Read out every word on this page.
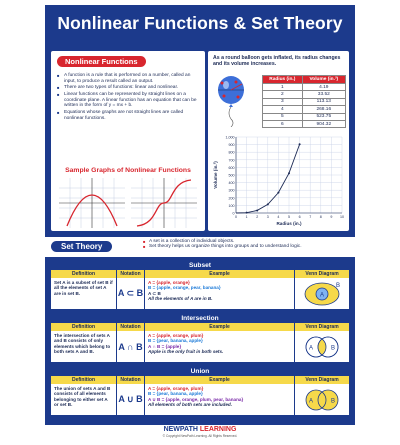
Nonlinear Functions & Set Theory
Nonlinear Functions
■ A function is a rule that is performed on a number, called an input, to produce a result called an output.
■ There are two types of functions: linear and nonlinear.
■ Linear functions can be represented by straight lines on a coordinate plane. A linear function has an equation that can be written in the form of y = mx + b.
■ Equations whose graphs are not straight lines are called nonlinear functions.
Sample Graphs of Nonlinear Functions
As a round balloon gets inflated, its radius changes and its volume increases.
Radius (in.)	Volume (in.³)
1	4.19
2	33.52
3	113.13
4	268.16
5	523.75
6	904.32
0
100
200
300
400
500
600
700
800
900
1,000
0 1 2 3 4 5 6 7 8 9 10
Radius (in.)
Volume (in.³)
Set Theory
■ A set is a collection of individual objects.
■ Set theory helps us organize things into groups and to understand logic.
Subset
Definition	Notation	Example	Venn Diagram
Set A is a subset of set B if all the elements of set A are in set B.	A ⊂ B
A = {apple, orange}
B = {apple, orange, pear, banana}
A ⊂ B
All the elements of A are in B.
A
B
Intersection
Definition	Notation	Example	Venn Diagram
The intersection of sets A and B consists of only elements which belong to both sets A and B.	A ∩ B
A = {apple, orange, plum}
B = {pear, banana, apple}
A ∩ B = {apple}
Apple is the only fruit in both sets.
A	B
Union
Definition	Notation	Example	Venn Diagram
The union of sets A and B consists of all elements belonging to either set A or set B.
A ∪ B
A = {apple, orange, plum}
B = {pear, banana, apple}
A ∪ B = {apple, orange, plum, pear, banana}
All elements of both sets are included.
A	B
NEWPATH LEARNING
© Copyright NewPath Learning. All Rights Reserved.
